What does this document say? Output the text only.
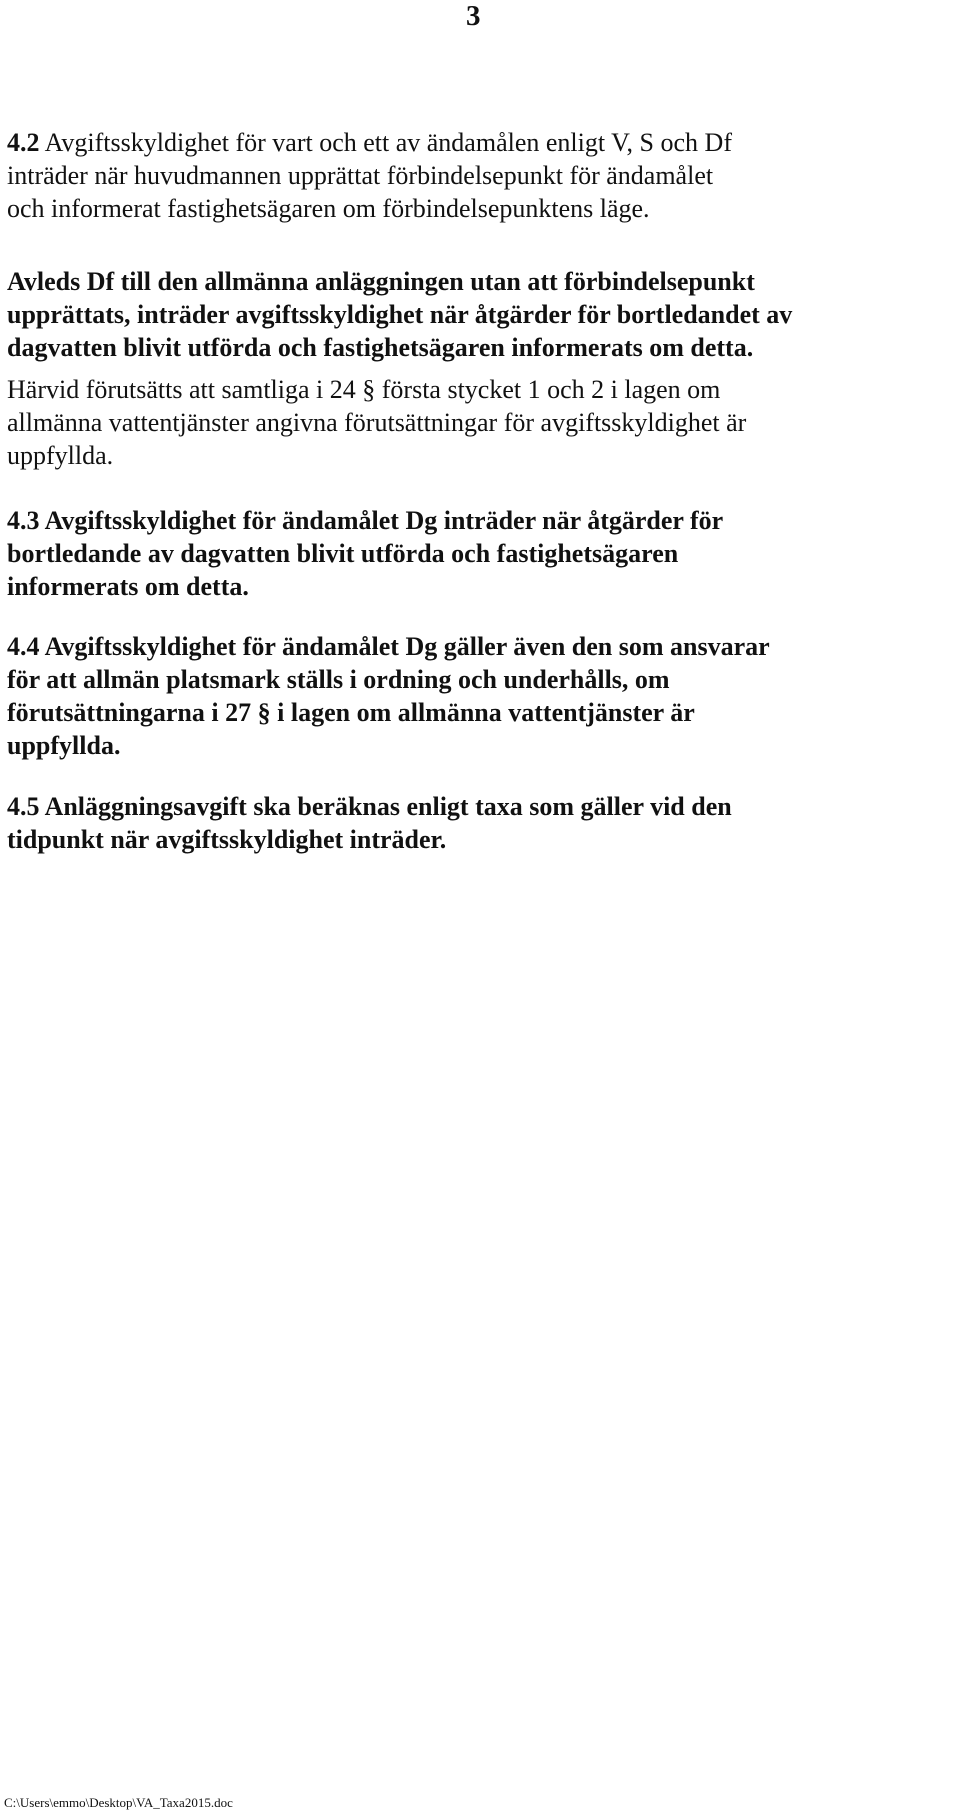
3
4.2 Avgiftsskyldighet för vart och ett av ändamålen enligt V, S och Df
inträder när huvudmannen upprättat förbindelsepunkt för ändamålet
och informerat fastighetsägaren om förbindelsepunktens läge.
Avleds Df till den allmänna anläggningen utan att förbindelsepunkt
upprättats, inträder avgiftsskyldighet när åtgärder för bortledandet av
dagvatten blivit utförda och fastighetsägaren informerats om detta.
Härvid förutsätts att samtliga i 24 § första stycket 1 och 2 i lagen om
allmänna vattentjänster angivna förutsättningar för avgiftsskyldighet är
uppfyllda.
4.3 Avgiftsskyldighet för ändamålet Dg inträder när åtgärder för
bortledande av dagvatten blivit utförda och fastighetsägaren
informerats om detta.
4.4 Avgiftsskyldighet för ändamålet Dg gäller även den som ansvarar
för att allmän platsmark ställs i ordning och underhålls, om
förutsättningarna i 27 § i lagen om allmänna vattentjänster är
uppfyllda.
4.5 Anläggningsavgift ska beräknas enligt taxa som gäller vid den
tidpunkt när avgiftsskyldighet inträder.
C:\Users\emmo\Desktop\VA_Taxa2015.doc
